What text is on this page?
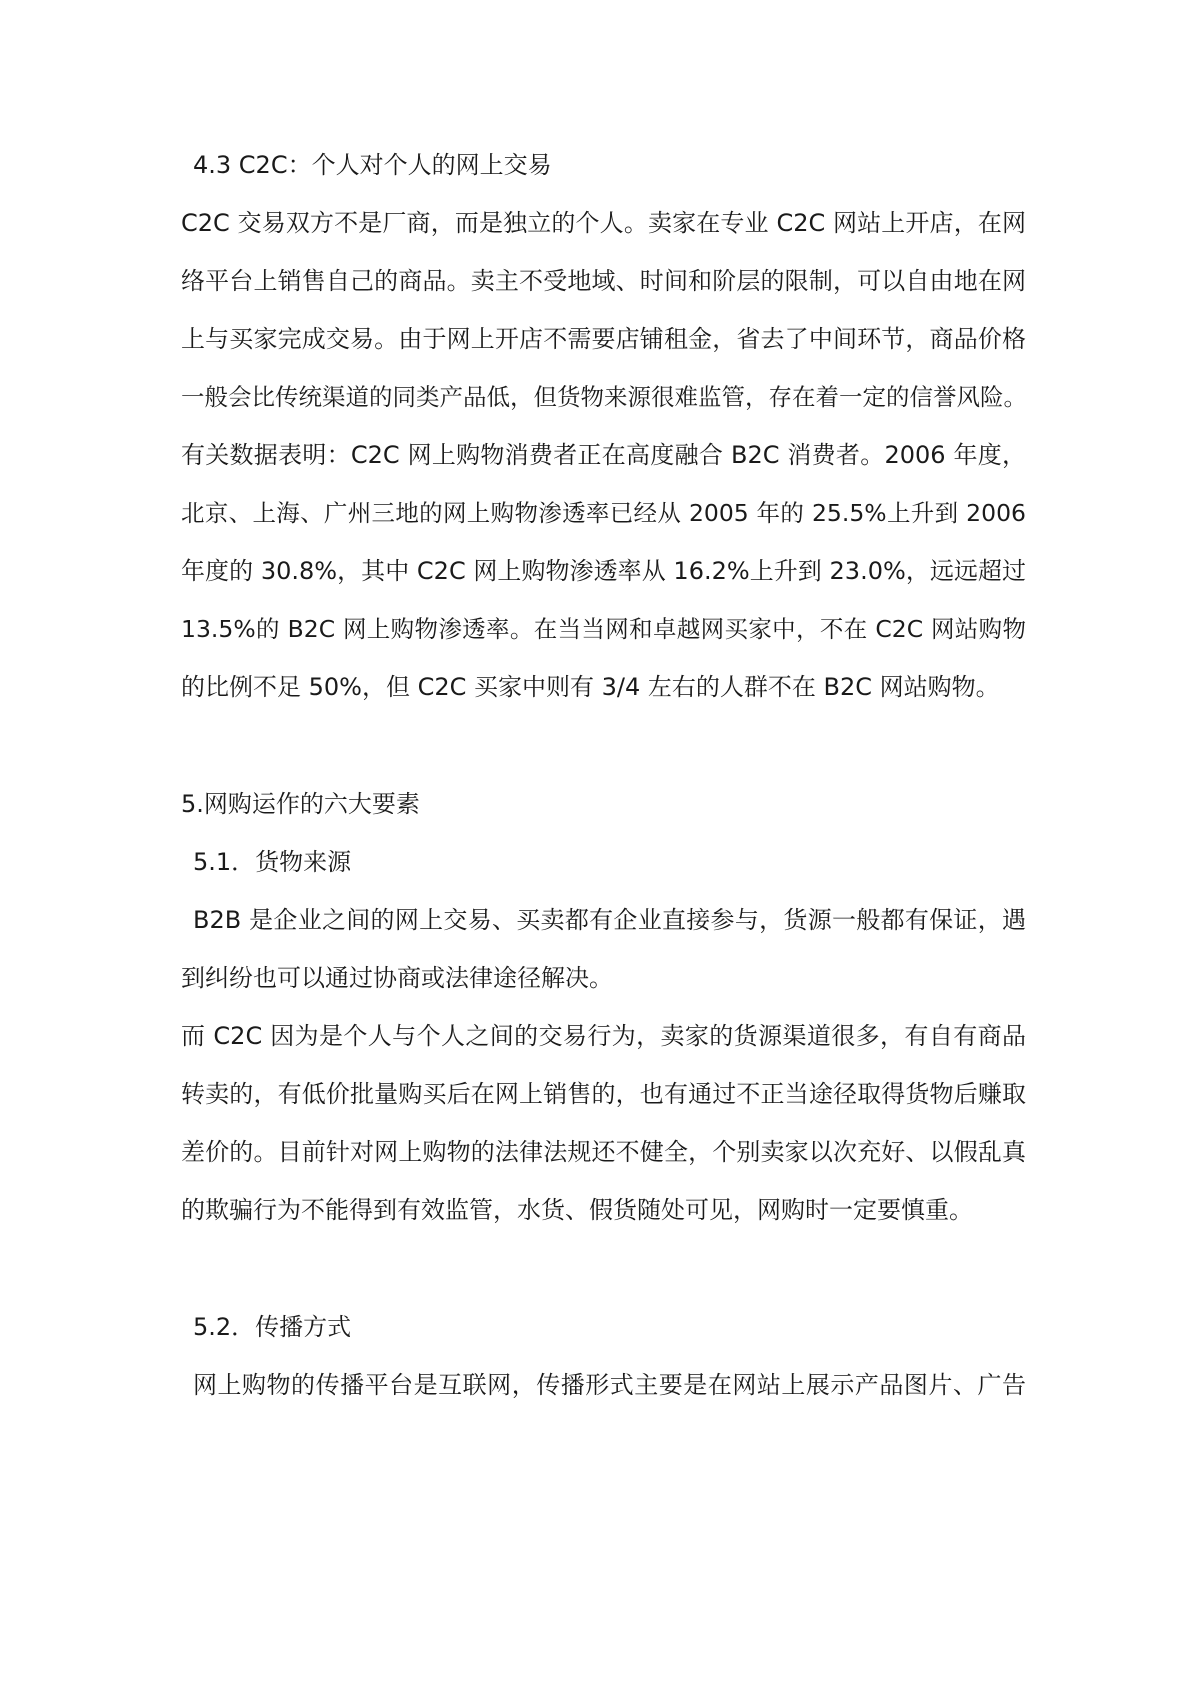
4.3 C2C：个人对个人的网上交易
C2C 交易双方不是厂商，而是独立的个人。卖家在专业 C2C 网站上开店，在网
络平台上销售自己的商品。卖主不受地域、时间和阶层的限制，可以自由地在网
上与买家完成交易。由于网上开店不需要店铺租金，省去了中间环节，商品价格
一般会比传统渠道的同类产品低，但货物来源很难监管，存在着一定的信誉风险。
有关数据表明：C2C 网上购物消费者正在高度融合 B2C 消费者。2006 年度，
北京、上海、广州三地的网上购物渗透率已经从 2005 年的 25.5%上升到 2006
年度的 30.8%，其中 C2C 网上购物渗透率从 16.2%上升到 23.0%，远远超过
13.5%的 B2C 网上购物渗透率。在当当网和卓越网买家中，不在 C2C 网站购物
的比例不足 50%，但 C2C 买家中则有 3/4 左右的人群不在 B2C 网站购物。
5.网购运作的六大要素
5.1．货物来源
B2B 是企业之间的网上交易、买卖都有企业直接参与，货源一般都有保证，遇
到纠纷也可以通过协商或法律途径解决。
而 C2C 因为是个人与个人之间的交易行为，卖家的货源渠道很多，有自有商品
转卖的，有低价批量购买后在网上销售的，也有通过不正当途径取得货物后赚取
差价的。目前针对网上购物的法律法规还不健全，个别卖家以次充好、以假乱真
的欺骗行为不能得到有效监管，水货、假货随处可见，网购时一定要慎重。
5.2．传播方式
网上购物的传播平台是互联网，传播形式主要是在网站上展示产品图片、广告
